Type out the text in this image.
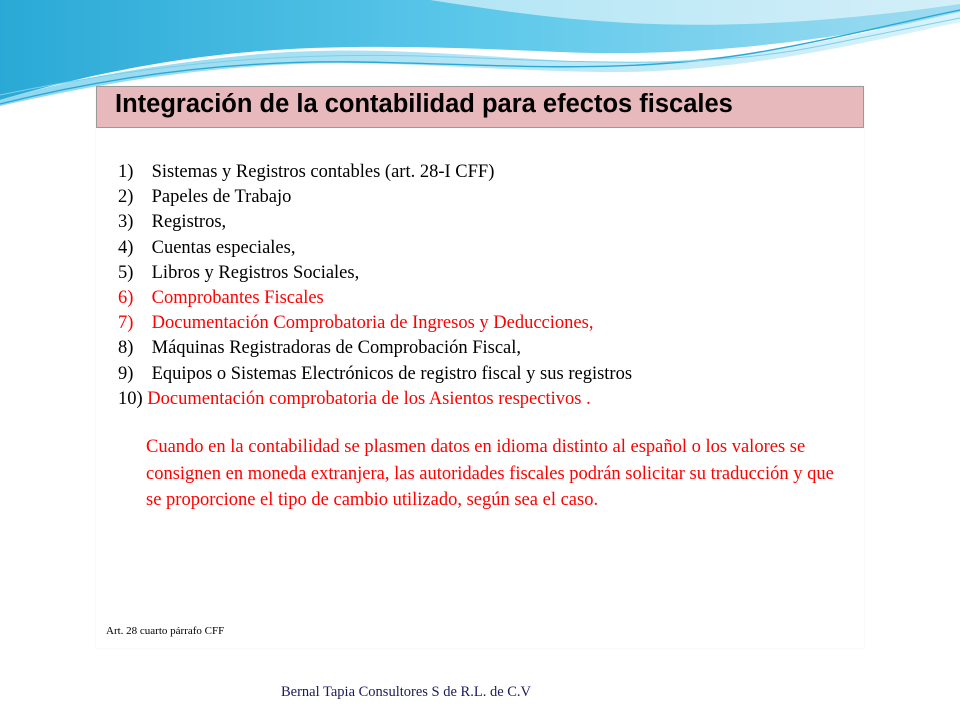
Integración de la contabilidad para efectos fiscales
1) Sistemas y Registros contables (art. 28-I CFF)
2) Papeles de Trabajo
3) Registros,
4) Cuentas especiales,
5) Libros y Registros Sociales,
6) Comprobantes Fiscales
7) Documentación Comprobatoria de Ingresos y Deducciones,
8) Máquinas Registradoras de Comprobación Fiscal,
9) Equipos o Sistemas Electrónicos de registro fiscal y sus registros
10) Documentación comprobatoria de los Asientos respectivos .

Cuando en la contabilidad se plasmen datos en idioma distinto al español o los valores se consignen en moneda extranjera, las autoridades fiscales podrán solicitar su traducción y que se proporcione el tipo de cambio utilizado, según sea el caso.

Art. 28 cuarto párrafo CFF
Bernal Tapia Consultores S de R.L. de C.V
